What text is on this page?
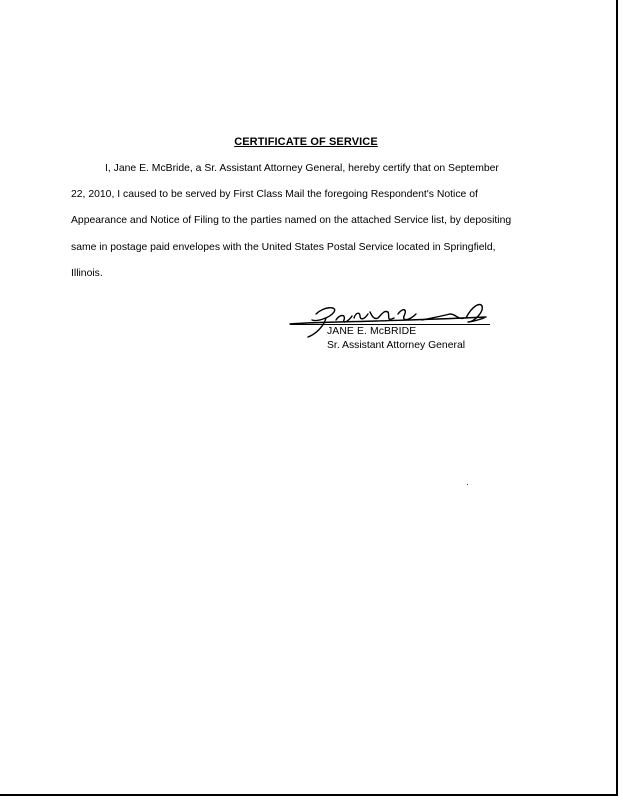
CERTIFICATE OF SERVICE

I, Jane E. McBride, a Sr. Assistant Attorney General, hereby certify that on September
22, 2010, I caused to be served by First Class Mail the foregoing Respondent's Notice of
Appearance and Notice of Filing to the parties named on the attached Service list, by depositing
same in postage paid envelopes with the United States Postal Service located in Springfield,
Illinois.

JANE E. McBRIDE
Sr. Assistant Attorney General
